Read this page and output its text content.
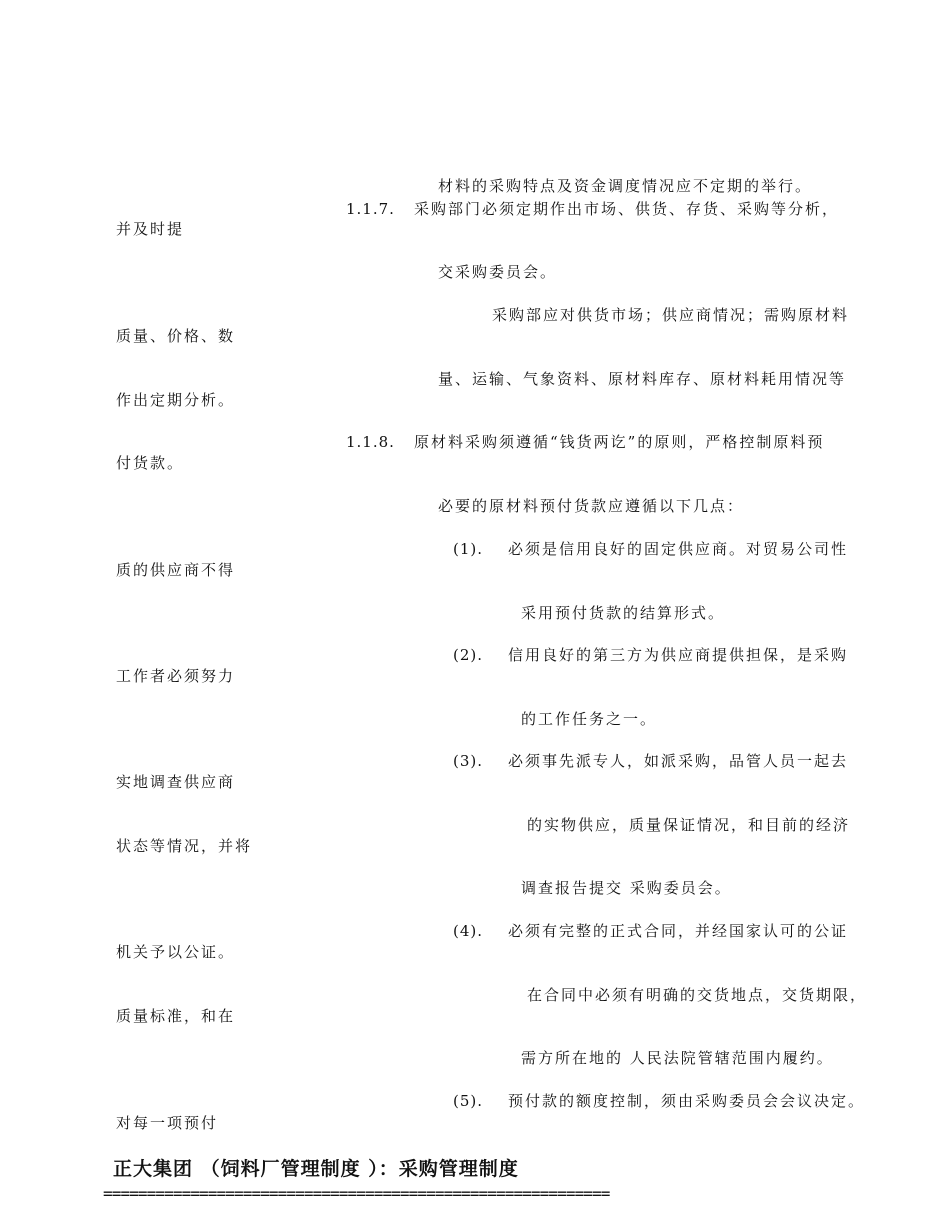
材料的采购特点及资金调度情况应不定期的举行。
1.1.7. 采购部门必须定期作出市场、供货、存货、采购等分析，
并及时提
交采购委员会。
采购部应对供货市场；供应商情况；需购原材料
质量、价格、数
量、运输、气象资料、原材料库存、原材料耗用情况等
作出定期分析。
1.1.8. 原材料采购须遵循“钱货两讫”的原则，严格控制原料预
付货款。
必要的原材料预付货款应遵循以下几点：
(1). 必须是信用良好的固定供应商。对贸易公司性
质的供应商不得
采用预付货款的结算形式。
(2). 信用良好的第三方为供应商提供担保，是采购
工作者必须努力
的工作任务之一。
(3). 必须事先派专人，如派采购，品管人员一起去
实地调查供应商
的实物供应，质量保证情况，和目前的经济
状态等情况，并将
调查报告提交 采购委员会。
(4). 必须有完整的正式合同，并经国家认可的公证
机关予以公证。
在合同中必须有明确的交货地点，交货期限，
质量标准，和在
需方所在地的 人民法院管辖范围内履约。
(5). 预付款的额度控制，须由采购委员会会议决定。
对每一项预付
正大集团 （饲料厂管理制度 ）：采购管理制度
==========================================================
